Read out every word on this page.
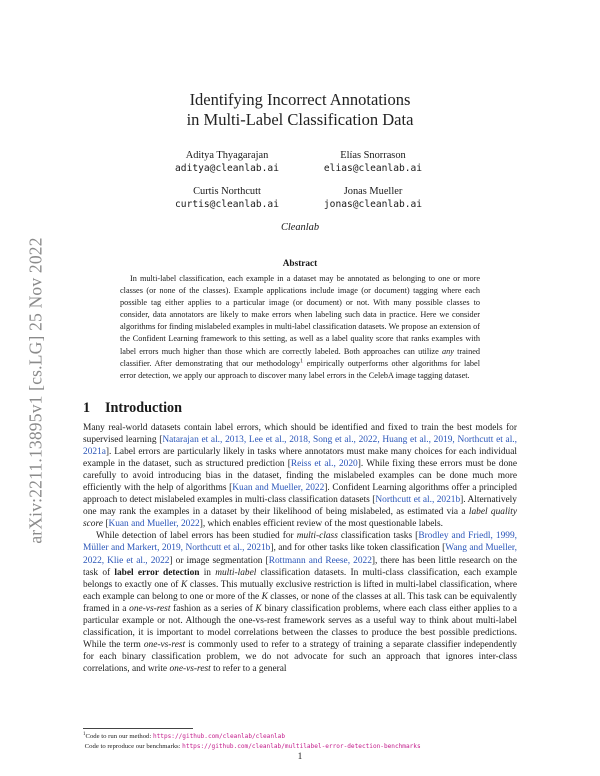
arXiv:2211.13895v1 [cs.LG] 25 Nov 2022
Identifying Incorrect Annotations
in Multi-Label Classification Data
Aditya Thyagarajan
aditya@cleanlab.ai
Elías Snorrason
elias@cleanlab.ai
Curtis Northcutt
curtis@cleanlab.ai
Jonas Mueller
jonas@cleanlab.ai
Cleanlab
Abstract
In multi-label classification, each example in a dataset may be annotated as belonging to one or more classes (or none of the classes). Example applications include image (or document) tagging where each possible tag either applies to a particular image (or document) or not. With many possible classes to consider, data annotators are likely to make errors when labeling such data in practice. Here we consider algorithms for finding mislabeled examples in multi-label classification datasets. We propose an extension of the Confident Learning framework to this setting, as well as a label quality score that ranks examples with label errors much higher than those which are correctly labeled. Both approaches can utilize any trained classifier. After demonstrating that our methodology$^1$ empirically outperforms other algorithms for label error detection, we apply our approach to discover many label errors in the CelebA image tagging dataset.
1 Introduction

Many real-world datasets contain label errors, which should be identified and fixed to train the best models for supervised learning [Natarajan et al., 2013, Lee et al., 2018, Song et al., 2022, Huang et al., 2019, Northcutt et al., 2021a]. Label errors are particularly likely in tasks where annotators must make many choices for each individual example in the dataset, such as structured prediction [Reiss et al., 2020]. While fixing these errors must be done carefully to avoid introducing bias in the dataset, finding the mislabeled examples can be done much more efficiently with the help of algorithms [Kuan and Mueller, 2022]. Confident Learning algorithms offer a principled approach to detect mislabeled examples in multi-class classification datasets [Northcutt et al., 2021b]. Alternatively one may rank the examples in a dataset by their likelihood of being mislabeled, as estimated via a label quality score [Kuan and Mueller, 2022], which enables efficient review of the most questionable labels.

While detection of label errors has been studied for multi-class classification tasks [Brodley and Friedl, 1999, Müller and Markert, 2019, Northcutt et al., 2021b], and for other tasks like token classification [Wang and Mueller, 2022, Klie et al., 2022] or image segmentation [Rottmann and Reese, 2022], there has been little research on the task of label error detection in multi-label classification datasets. In multi-class classification, each example belongs to exactly one of K classes. This mutually exclusive restriction is lifted in multi-label classification, where each example can belong to one or more of the K classes, or none of the classes at all. This task can be equivalently framed in a one-vs-rest fashion as a series of K binary classification problems, where each class either applies to a particular example or not. Although the one-vs-rest framework serves as a useful way to think about multi-label classification, it is important to model correlations between the classes to produce the best possible predictions. While the term one-vs-rest is commonly used to refer to a strategy of training a separate classifier independently for each binary classification problem, we do not advocate for such an approach that ignores inter-class correlations, and write one-vs-rest to refer to a general

$^1$Code to run our method: https://github.com/cleanlab/cleanlab
Code to reproduce our benchmarks: https://github.com/cleanlab/multilabel-error-detection-benchmarks
1
